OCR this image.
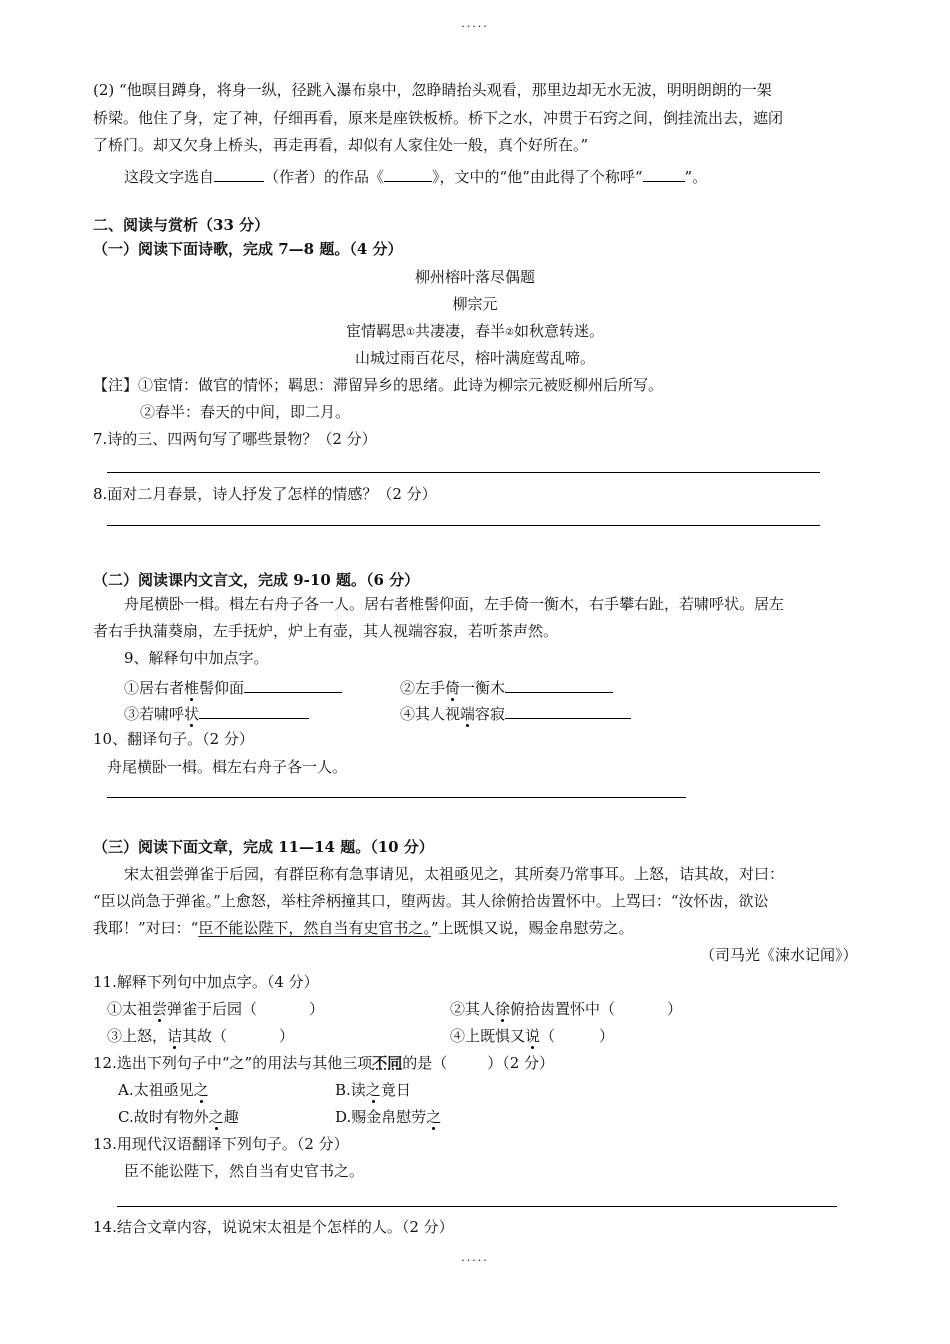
.....
(2) “他暝目蹲身，将身一纵，径跳入瀑布泉中，忽睁睛抬头观看，那里边却无水无波，明明朗朗的一架
桥梁。他住了身，定了神，仔细再看，原来是座铁板桥。桥下之水，冲贯于石窍之间，倒挂流出去，遮闭
了桥门。却又欠身上桥头，再走再看，却似有人家住处一般，真个好所在。”
这段文字选自	（作者）的作品《	》，文中的“他”由此得了个称呼“	”。
二、阅读与赏析（33 分）
（一）阅读下面诗歌，完成 7—8 题。（4 分）
柳州榕叶落尽偶题
柳宗元
宦情羁思①共凄凄，春半②如秋意转迷。
山城过雨百花尽，榕叶满庭莺乱啼。
【注】①宦情：做官的情怀；羁思：滞留异乡的思绪。此诗为柳宗元被贬柳州后所写。
②春半：春天的中间，即二月。
7.诗的三、四两句写了哪些景物？（2 分）
8.面对二月春景，诗人抒发了怎样的情感？（2 分）
（二）阅读课内文言文，完成 9-10 题。（6 分）
舟尾横卧一楫。楫左右舟子各一人。居右者椎髻仰面，左手倚一衡木，右手攀右趾，若啸呼状。居左
者右手执蒲葵扇，左手抚炉，炉上有壶，其人视端容寂，若听茶声然。
9、解释句中加点字。
①居右者椎髻仰面	②左手倚一衡木
③若啸呼状	④其人视端容寂
10、翻译句子。（2 分）
舟尾横卧一楫。楫左右舟子各一人。
（三）阅读下面文章，完成 11—14 题。（10 分）
宋太祖尝弹雀于后园，有群臣称有急事请见，太祖亟见之，其所奏乃常事耳。上怒，诘其故，对曰：
“臣以尚急于弹雀。”上愈怒，举柱斧柄撞其口，堕两齿。其人徐俯拾齿置怀中。上骂曰：“汝怀齿，欲讼
我耶！”对曰：“臣不能讼陛下，然自当有史官书之。”上既惧又说，赐金帛慰劳之。
（司马光《涑水记闻》）
11.解释下列句中加点字。（4 分）
①太祖尝弹雀于后园（	）	②其人徐俯拾齿置怀中（	）
③上怒，诘其故（	）	④上既惧又说（	）
12.选出下列句子中“之”的用法与其他三项不同的是（	）（2 分）
A.太祖亟见之	B.读之竟日
C.故时有物外之趣	D.赐金帛慰劳之
13.用现代汉语翻译下列句子。（2 分）
臣不能讼陛下，然自当有史官书之。
14.结合文章内容，说说宋太祖是个怎样的人。（2 分）
.....
